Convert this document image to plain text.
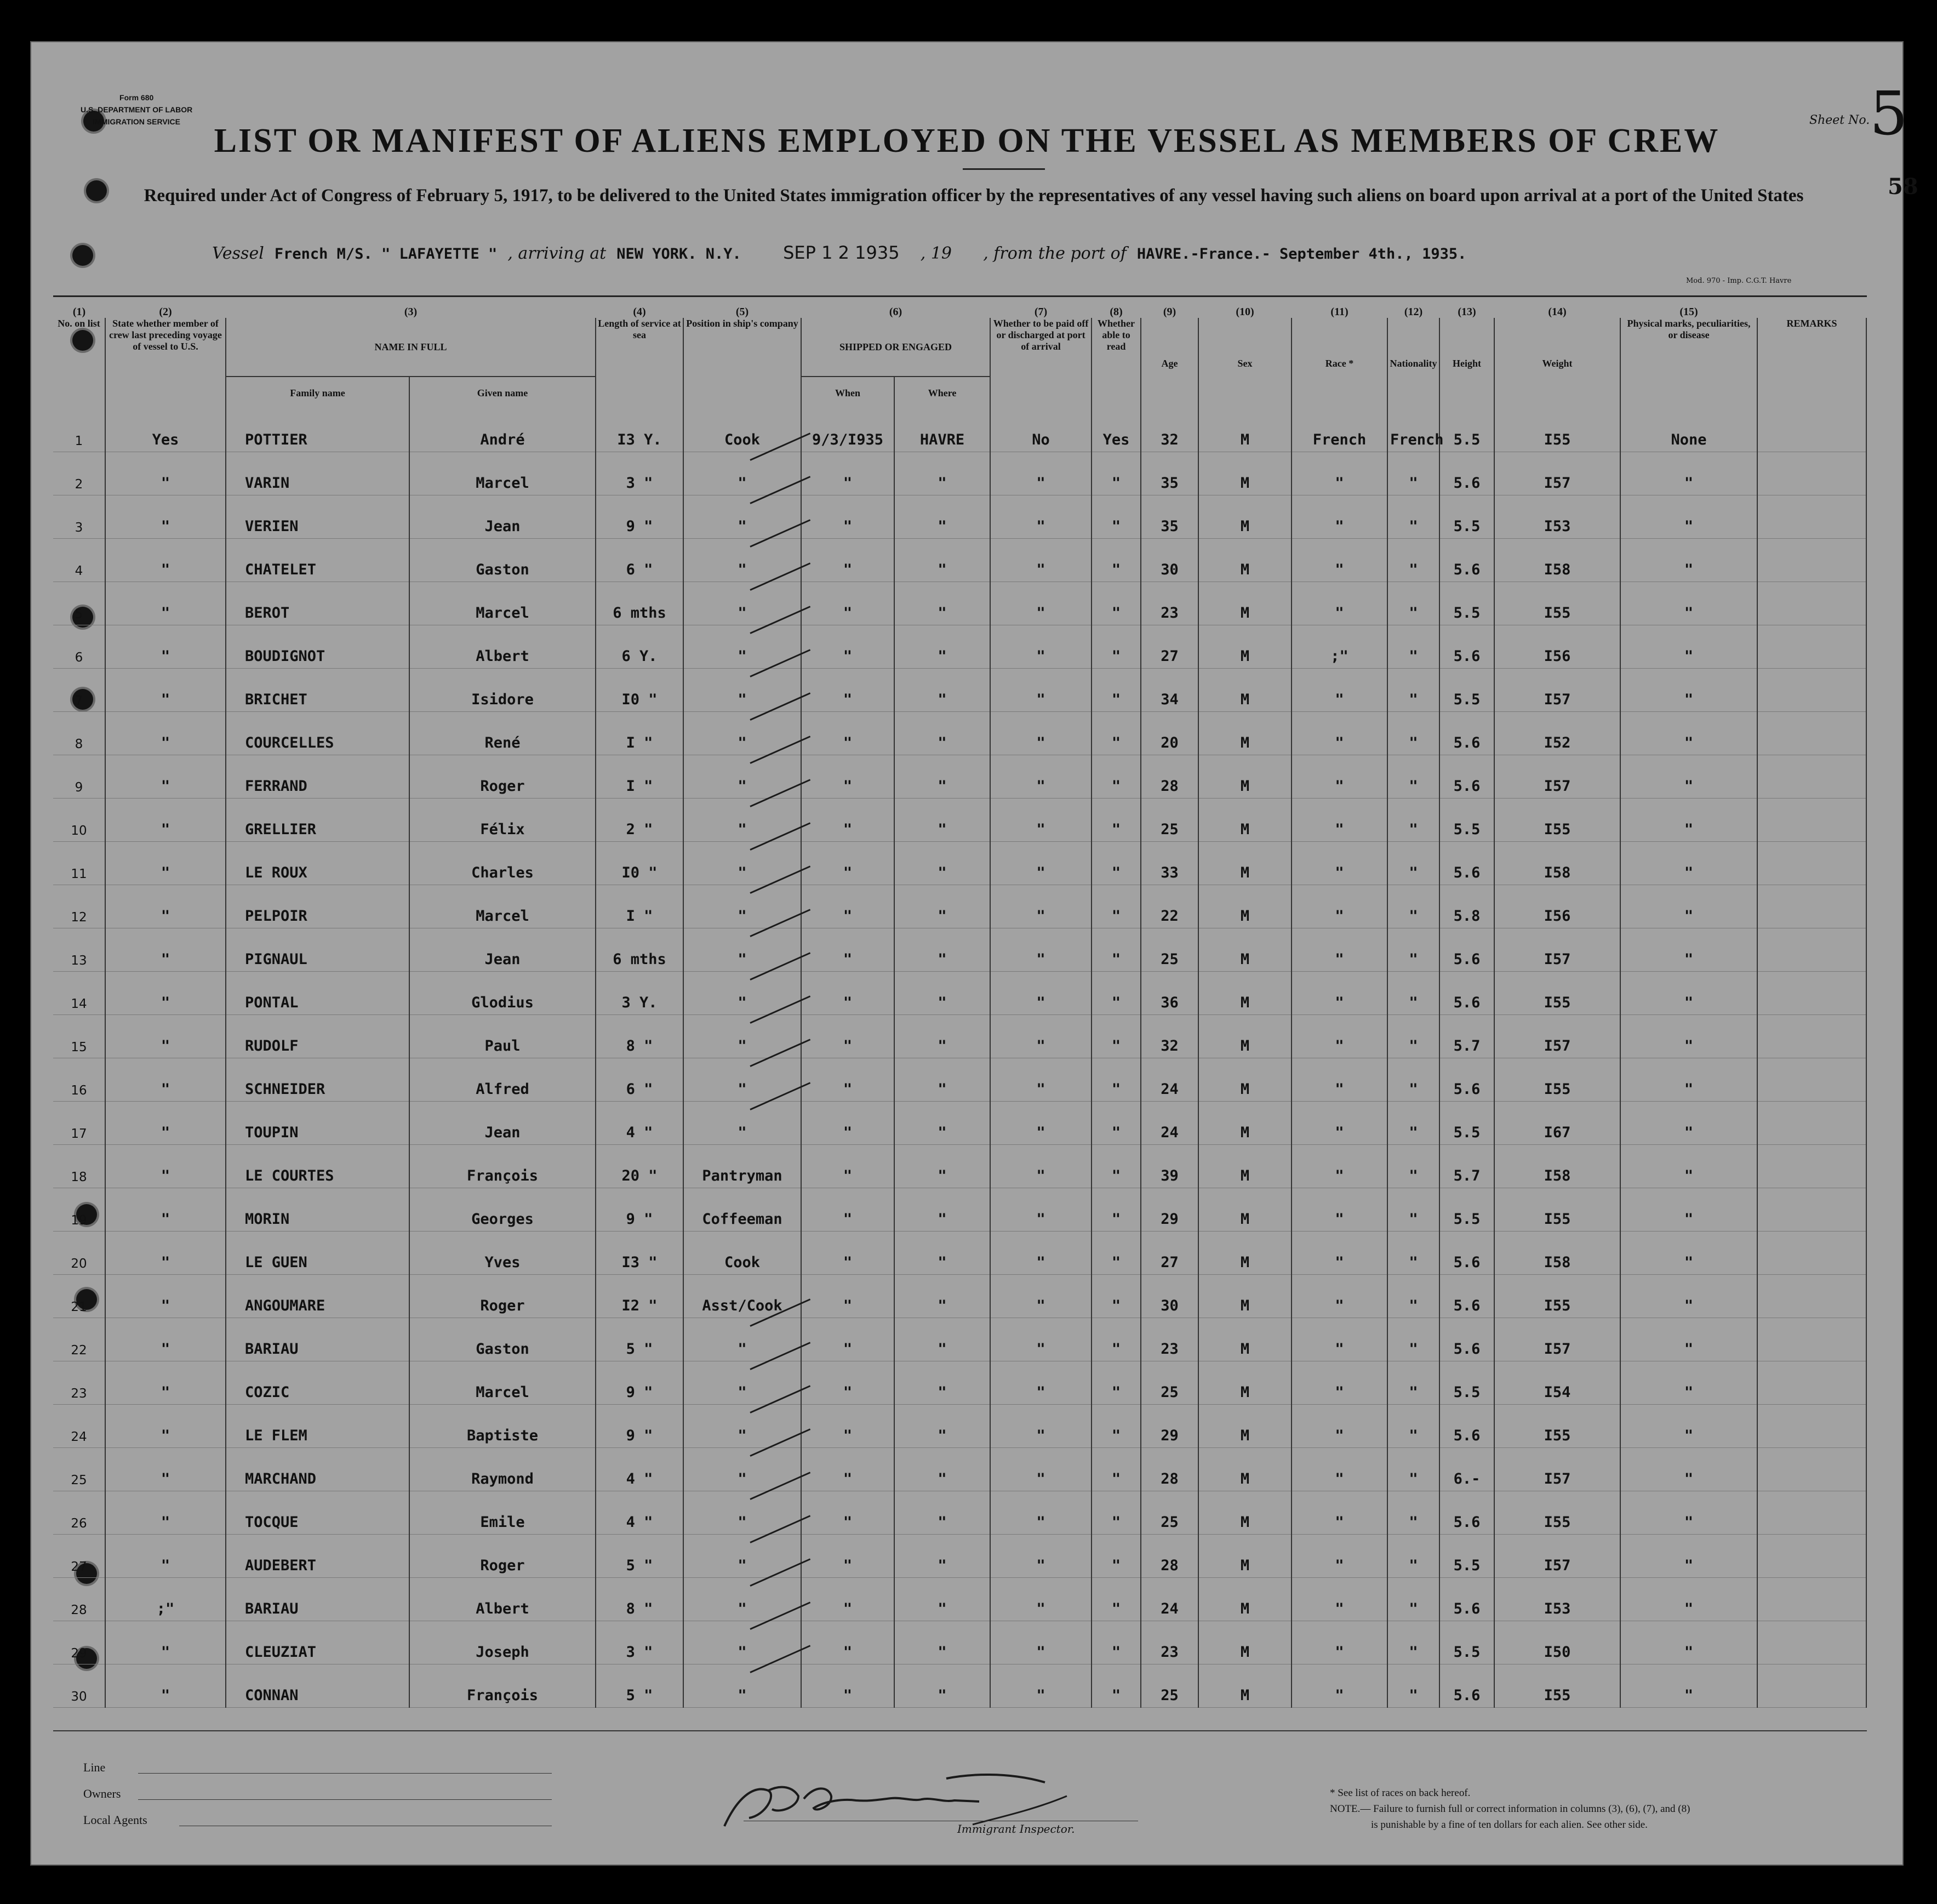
Form 680
U.S. DEPARTMENT OF LABOR
IMMIGRATION SERVICE	Sheet No. 5
58
LIST OR MANIFEST OF ALIENS EMPLOYED ON THE VESSEL AS MEMBERS OF CREW
Required under Act of Congress of February 5, 1917, to be delivered to the United States immigration officer by the representatives of any vessel having such aliens on board upon arrival at a port of the United States
Vessel French M/S. " LAFAYETTE " , arriving at NEW YORK. N.Y. SEP 1 2 1935 , 19 , from the port of HAVRE.-France.- September 4th., 1935.
Mod. 970 - Imp. C.G.T. Havre
(1)	(2)	(3)		(4)	(5)	(6)		(7)	(8)	(9)	(10)	(11)	(12)	(13)	(14)	(15)	
No. on list	State whether member of crew last preceding voyage of vessel to U.S.	NAME IN FULL		Length of service at sea	Position in ship's company	SHIPPED OR ENGAGED		Whether to be paid off or discharged at port of arrival	Whether able to read	Age	Sex	Race *	Nationality	Height	Weight	Physical marks, peculiarities, or disease	REMARKS
		Family name	Given name			When	Where										
1	Yes	POTTIER	André	I3 Y.	Cook	9/3/I935	HAVRE	No	Yes	32	M	French	French	5.5	I55	None	
2	"	VARIN	Marcel	3 "	"	"	"	"	"	35	M	"	"	5.6	I57	"	
3	"	VERIEN	Jean	9 "	"	"	"	"	"	35	M	"	"	5.5	I53	"	
4	"	CHATELET	Gaston	6 "	"	"	"	"	"	30	M	"	"	5.6	I58	"	
5	"	BEROT	Marcel	6 mths	"	"	"	"	"	23	M	"	"	5.5	I55	"	
6	"	BOUDIGNOT	Albert	6 Y.	"	"	"	"	"	27	M	;"	"	5.6	I56	"	
7	"	BRICHET	Isidore	I0 "	"	"	"	"	"	34	M	"	"	5.5	I57	"	
8	"	COURCELLES	René	I "	"	"	"	"	"	20	M	"	"	5.6	I52	"	
9	"	FERRAND	Roger	I "	"	"	"	"	"	28	M	"	"	5.6	I57	"	
10	"	GRELLIER	Félix	2 "	"	"	"	"	"	25	M	"	"	5.5	I55	"	
11	"	LE ROUX	Charles	I0 "	"	"	"	"	"	33	M	"	"	5.6	I58	"	
12	"	PELPOIR	Marcel	I "	"	"	"	"	"	22	M	"	"	5.8	I56	"	
13	"	PIGNAUL	Jean	6 mths	"	"	"	"	"	25	M	"	"	5.6	I57	"	
14	"	PONTAL	Glodius	3 Y.	"	"	"	"	"	36	M	"	"	5.6	I55	"	
15	"	RUDOLF	Paul	8 "	"	"	"	"	"	32	M	"	"	5.7	I57	"	
16	"	SCHNEIDER	Alfred	6 "	"	"	"	"	"	24	M	"	"	5.6	I55	"	
17	"	TOUPIN	Jean	4 "	"	"	"	"	"	24	M	"	"	5.5	I67	"	
18	"	LE COURTES	François	20 "	Pantryman	"	"	"	"	39	M	"	"	5.7	I58	"	
19	"	MORIN	Georges	9 "	Coffeeman	"	"	"	"	29	M	"	"	5.5	I55	"	
20	"	LE GUEN	Yves	I3 "	Cook	"	"	"	"	27	M	"	"	5.6	I58	"	
21	"	ANGOUMARE	Roger	I2 "	Asst/Cook	"	"	"	"	30	M	"	"	5.6	I55	"	
22	"	BARIAU	Gaston	5 "	"	"	"	"	"	23	M	"	"	5.6	I57	"	
23	"	COZIC	Marcel	9 "	"	"	"	"	"	25	M	"	"	5.5	I54	"	
24	"	LE FLEM	Baptiste	9 "	"	"	"	"	"	29	M	"	"	5.6	I55	"	
25	"	MARCHAND	Raymond	4 "	"	"	"	"	"	28	M	"	"	6.-	I57	"	
26	"	TOCQUE	Emile	4 "	"	"	"	"	"	25	M	"	"	5.6	I55	"	
27	"	AUDEBERT	Roger	5 "	"	"	"	"	"	28	M	"	"	5.5	I57	"	
28	;"	BARIAU	Albert	8 "	"	"	"	"	"	24	M	"	"	5.6	I53	"	
29	"	CLEUZIAT	Joseph	3 "	"	"	"	"	"	23	M	"	"	5.5	I50	"	
30	"	CONNAN	François	5 "	"	"	"	"	"	25	M	"	"	5.6	I55	"	
Line
Owners
Local Agents
Immigrant Inspector.
* See list of races on back hereof.
NOTE.— Failure to furnish full or correct information in columns (3), (6), (7), and (8)
is punishable by a fine of ten dollars for each alien. See other side.
